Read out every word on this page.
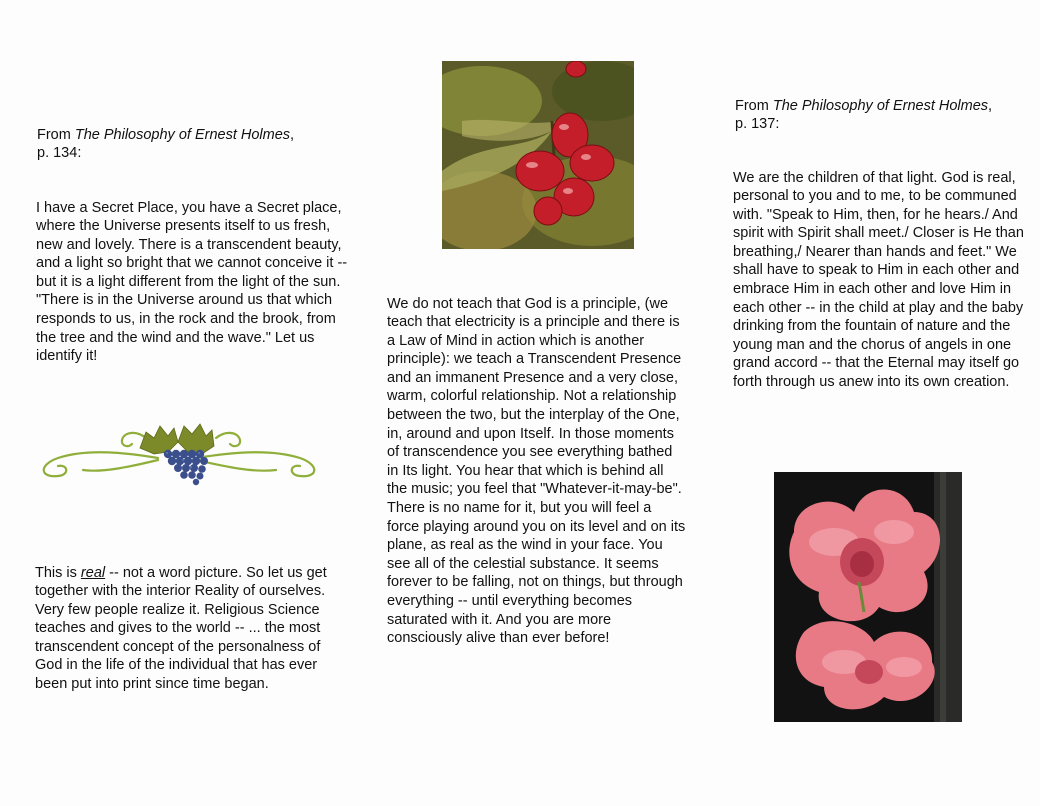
From The Philosophy of Ernest Holmes,
p. 134:

I have a Secret Place, you have a Secret place, where the Universe presents itself to us fresh, new and lovely. There is a transcendent beauty, and a light so bright that we cannot conceive it -- but it is a light different from the light of the sun. "There is in the Universe around us that which responds to us, in the rock and the brook, from the tree and the wind and the wave." Let us identify it!

This is real -- not a word picture. So let us get together with the interior Reality of ourselves. Very few people realize it. Religious Science teaches and gives to the world -- ... the most transcendent concept of the personalness of God in the life of the individual that has ever been put into print since time began.

We do not teach that God is a principle, (we teach that electricity is a principle and there is a Law of Mind in action which is another principle): we teach a Transcendent Presence and an immanent Presence and a very close, warm, colorful relationship. Not a relationship between the two, but the interplay of the One, in, around and upon Itself. In those moments of transcendence you see everything bathed in Its light. You hear that which is behind all the music; you feel that "Whatever-it-may-be". There is no name for it, but you will feel a force playing around you on its level and on its plane, as real as the wind in your face. You see all of the celestial substance. It seems forever to be falling, not on things, but through everything -- until everything becomes saturated with it. And you are more consciously alive than ever before!

From The Philosophy of Ernest Holmes,
p. 137:

We are the children of that light. God is real, personal to you and to me, to be communed with. "Speak to Him, then, for he hears./ And spirit with Spirit shall meet./ Closer is He than breathing,/ Nearer than hands and feet." We shall have to speak to Him in each other and embrace Him in each other and love Him in each other -- in the child at play and the baby drinking from the fountain of nature and the young man and the chorus of angels in one grand accord -- that the Eternal may itself go forth through us anew into its own creation.
